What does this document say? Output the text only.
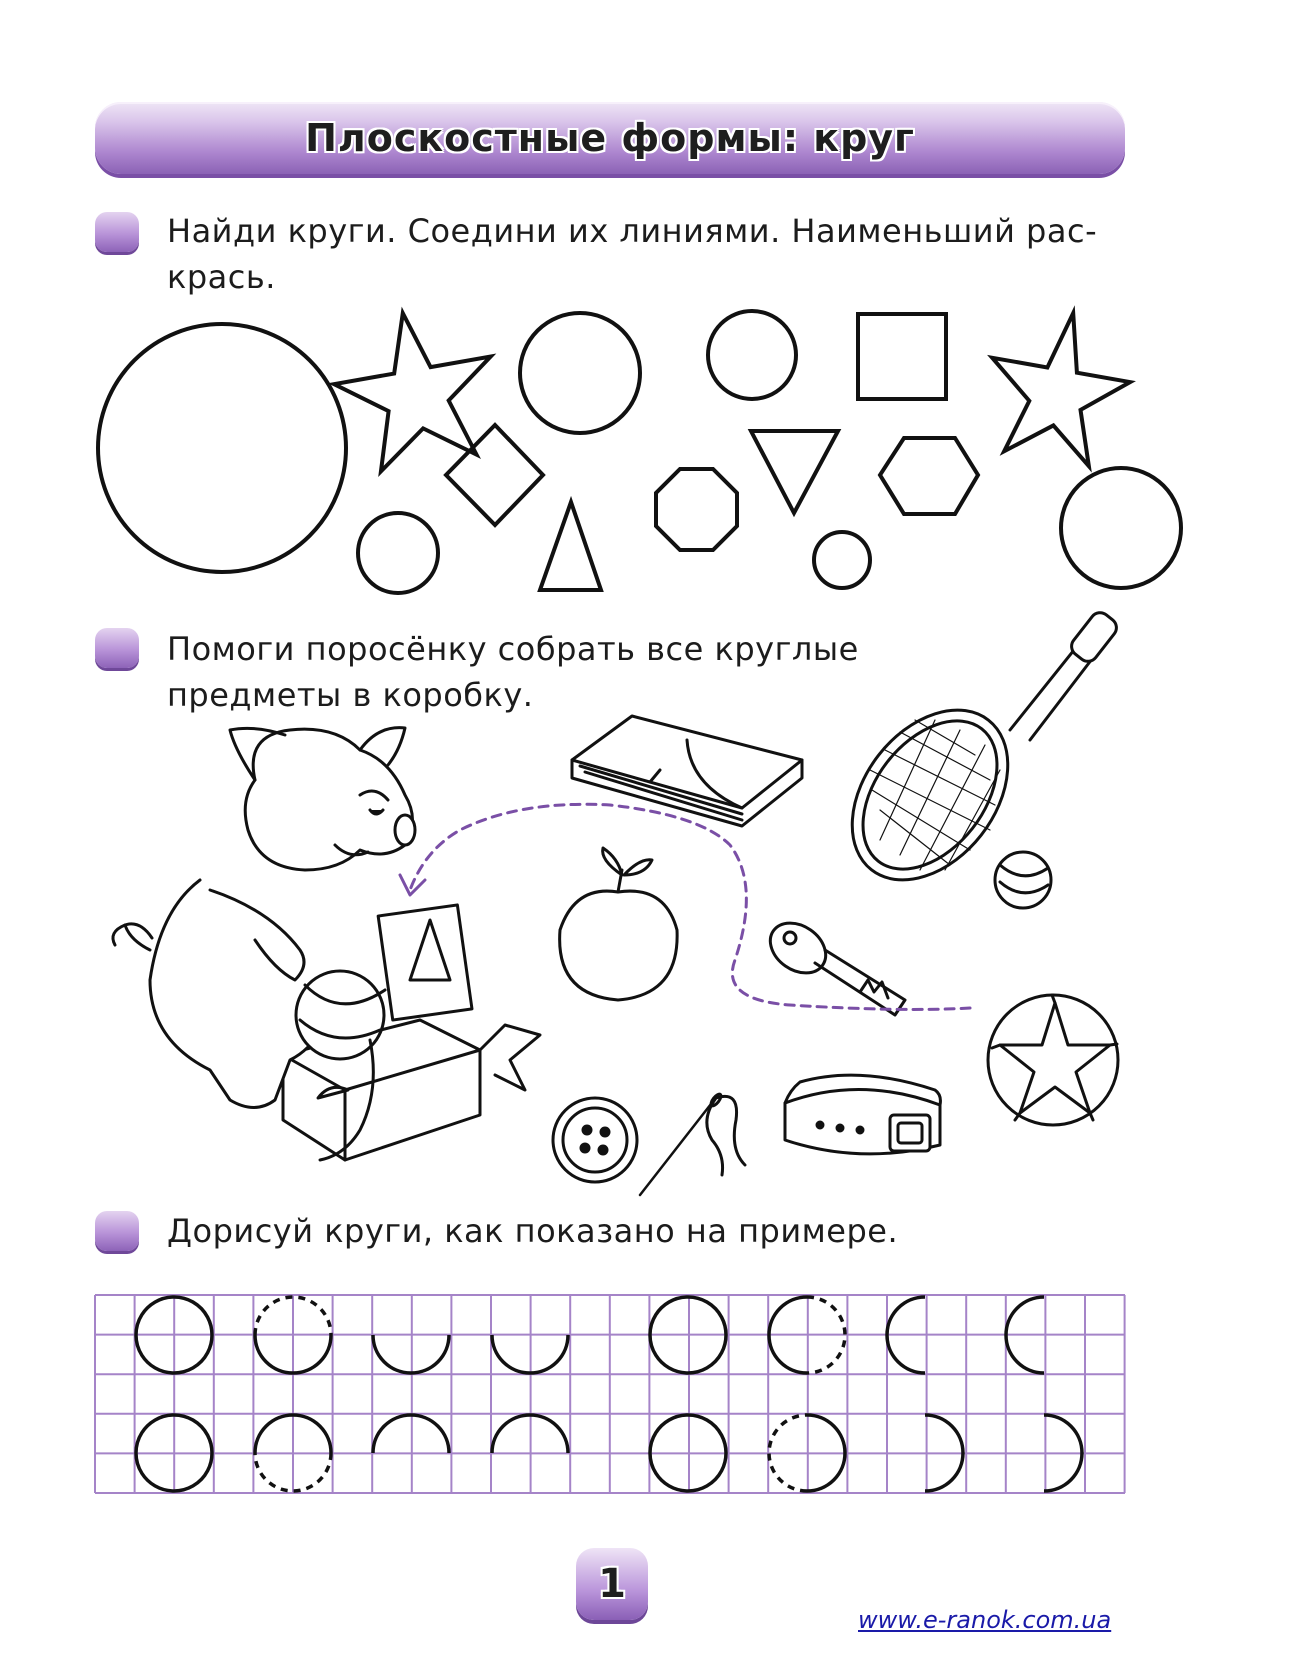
Плоскостные формы: круг
Найди круги. Соедини их линиями. Наименьший рас-
крась.
Помоги поросёнку собрать все круглые
предметы в коробку.
Дорисуй круги, как показано на примере.
1
www.e-ranok.com.ua
